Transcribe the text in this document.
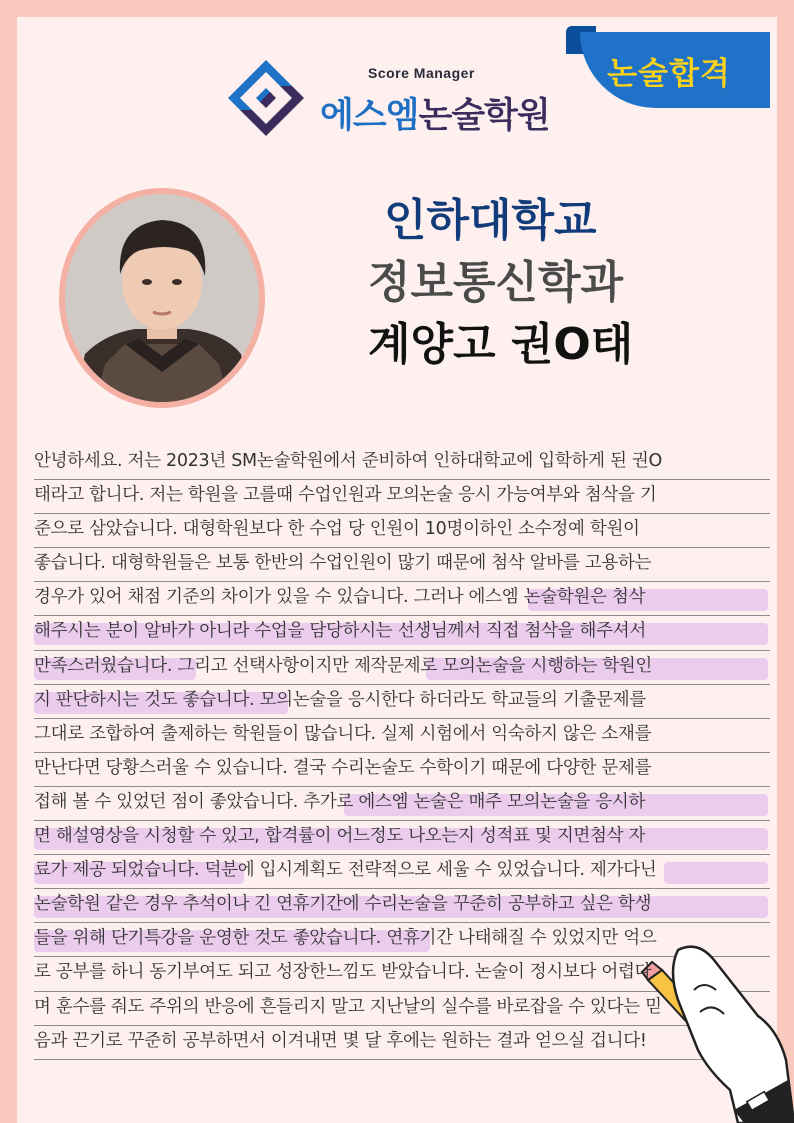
논술합격
Score Manager
에스엠논술학원
인하대학교
정보통신학과
계양고 권O태
안녕하세요. 저는 2023년 SM논술학원에서 준비하여 인하대학교에 입학하게 된 권O
태라고 합니다. 저는 학원을 고를때 수업인원과 모의논술 응시 가능여부와 첨삭을 기
준으로 삼았습니다. 대형학원보다 한 수업 당 인원이 10명이하인 소수정예 학원이
좋습니다. 대형학원들은 보통 한반의 수업인원이 많기 때문에 첨삭 알바를 고용하는
경우가 있어 채점 기준의 차이가 있을 수 있습니다. 그러나 에스엠 논술학원은 첨삭
해주시는 분이 알바가 아니라 수업을 담당하시는 선생님께서 직접 첨삭을 해주셔서
만족스러웠습니다. 그리고 선택사항이지만 제작문제로 모의논술을 시행하는 학원인
지 판단하시는 것도 좋습니다. 모의논술을 응시한다 하더라도 학교들의 기출문제를
그대로 조합하여 출제하는 학원들이 많습니다. 실제 시험에서 익숙하지 않은 소재를
만난다면 당황스러울 수 있습니다. 결국 수리논술도 수학이기 때문에 다양한 문제를
접해 볼 수 있었던 점이 좋았습니다. 추가로 에스엠 논술은 매주 모의논술을 응시하
면 해설영상을 시청할 수 있고, 합격률이 어느정도 나오는지 성적표 및 지면첨삭 자
료가 제공 되었습니다. 덕분에 입시계획도 전략적으로 세울 수 있었습니다. 제가다닌
논술학원 같은 경우 추석이나 긴 연휴기간에 수리논술을 꾸준히 공부하고 싶은 학생
들을 위해 단기특강을 운영한 것도 좋았습니다. 연휴기간 나태해질 수 있었지만 억으
로 공부를 하니 동기부여도 되고 성장한느낌도 받았습니다. 논술이 정시보다 어렵다
며 훈수를 줘도 주위의 반응에 흔들리지 말고 지난날의 실수를 바로잡을 수 있다는 믿
음과 끈기로 꾸준히 공부하면서 이겨내면 몇 달 후에는 원하는 결과 얻으실 겁니다!
